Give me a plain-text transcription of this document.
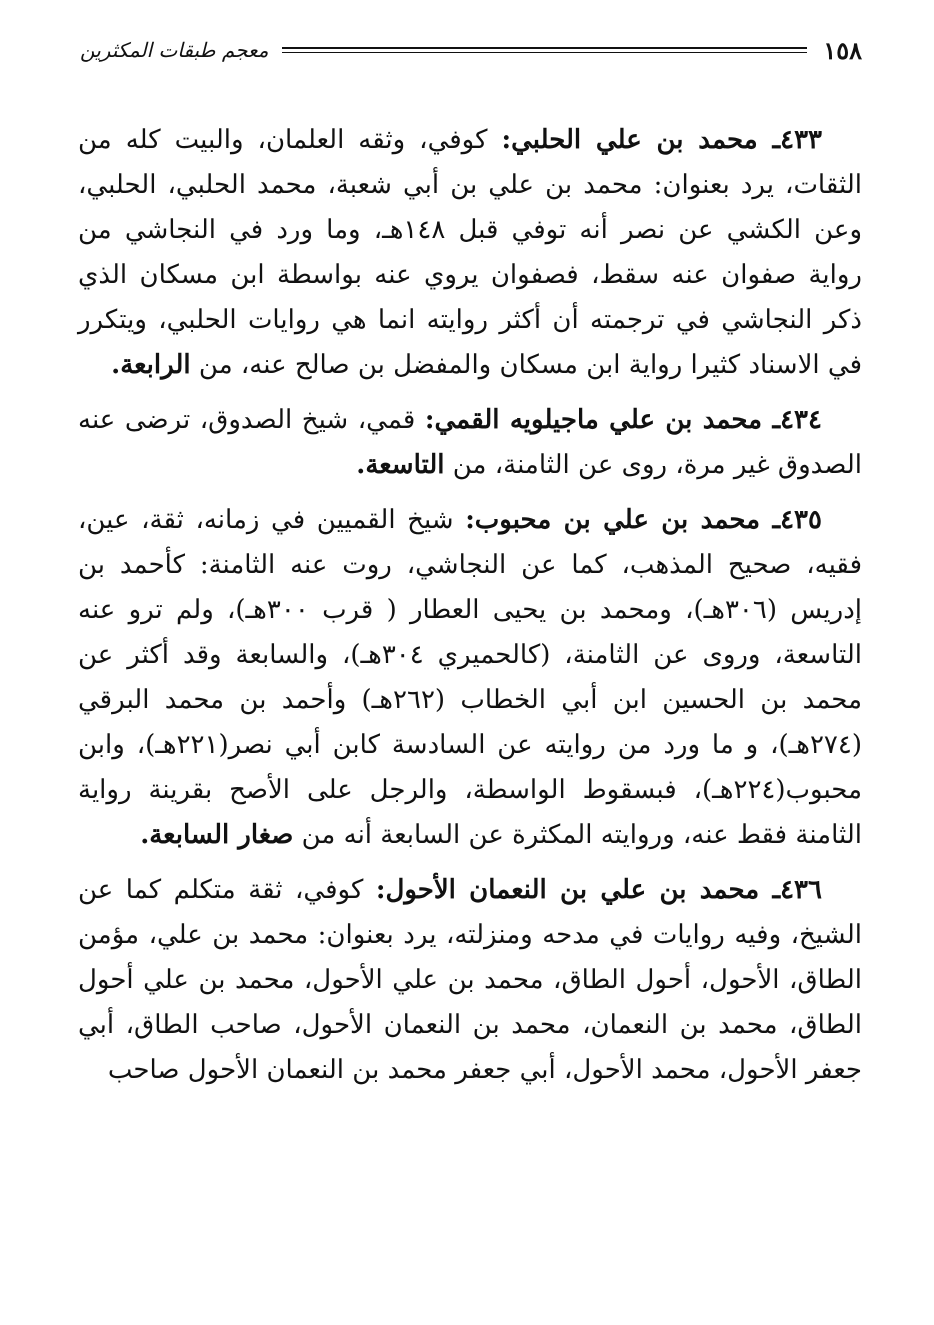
١٥٨
معجم طبقات المكثرين

٤٣٣ـ محمد بن علي الحلبي: كوفي، وثقه العلمان، والبيت كله من الثقات، يرد بعنوان: محمد بن علي بن أبي شعبة، محمد الحلبي، الحلبي، وعن الكشي عن نصر أنه توفي قبل ١٤٨هـ، وما ورد في النجاشي من رواية صفوان عنه سقط، فصفوان يروي عنه بواسطة ابن مسكان الذي ذكر النجاشي في ترجمته أن أكثر روايته انما هي روايات الحلبي، ويتكرر في الاسناد كثيرا رواية ابن مسكان والمفضل بن صالح عنه، من الرابعة.

٤٣٤ـ محمد بن علي ماجيلويه القمي: قمي، شيخ الصدوق، ترضى عنه الصدوق غير مرة، روى عن الثامنة، من التاسعة.

٤٣٥ـ محمد بن علي بن محبوب: شيخ القميين في زمانه، ثقة، عين، فقيه، صحيح المذهب، كما عن النجاشي، روت عنه الثامنة: كأحمد بن إدريس (٣٠٦هـ)، ومحمد بن يحيى العطار ( قرب ٣٠٠هـ)، ولم ترو عنه التاسعة، وروى عن الثامنة، (كالحميري ٣٠٤هـ)، والسابعة وقد أكثر عن محمد بن الحسين ابن أبي الخطاب (٢٦٢هـ) وأحمد بن محمد البرقي (٢٧٤هـ)، و ما ورد من روايته عن السادسة كابن أبي نصر(٢٢١هـ)، وابن محبوب(٢٢٤هـ)، فبسقوط الواسطة، والرجل على الأصح بقرينة رواية الثامنة فقط عنه، وروايته المكثرة عن السابعة أنه من صغار السابعة.

٤٣٦ـ محمد بن علي بن النعمان الأحول: كوفي، ثقة متكلم كما عن الشيخ، وفيه روايات في مدحه ومنزلته، يرد بعنوان: محمد بن علي، مؤمن الطاق، الأحول، أحول الطاق، محمد بن علي الأحول، محمد بن علي أحول الطاق، محمد بن النعمان، محمد بن النعمان الأحول، صاحب الطاق، أبي جعفر الأحول، محمد الأحول، أبي جعفر محمد بن النعمان الأحول صاحب
